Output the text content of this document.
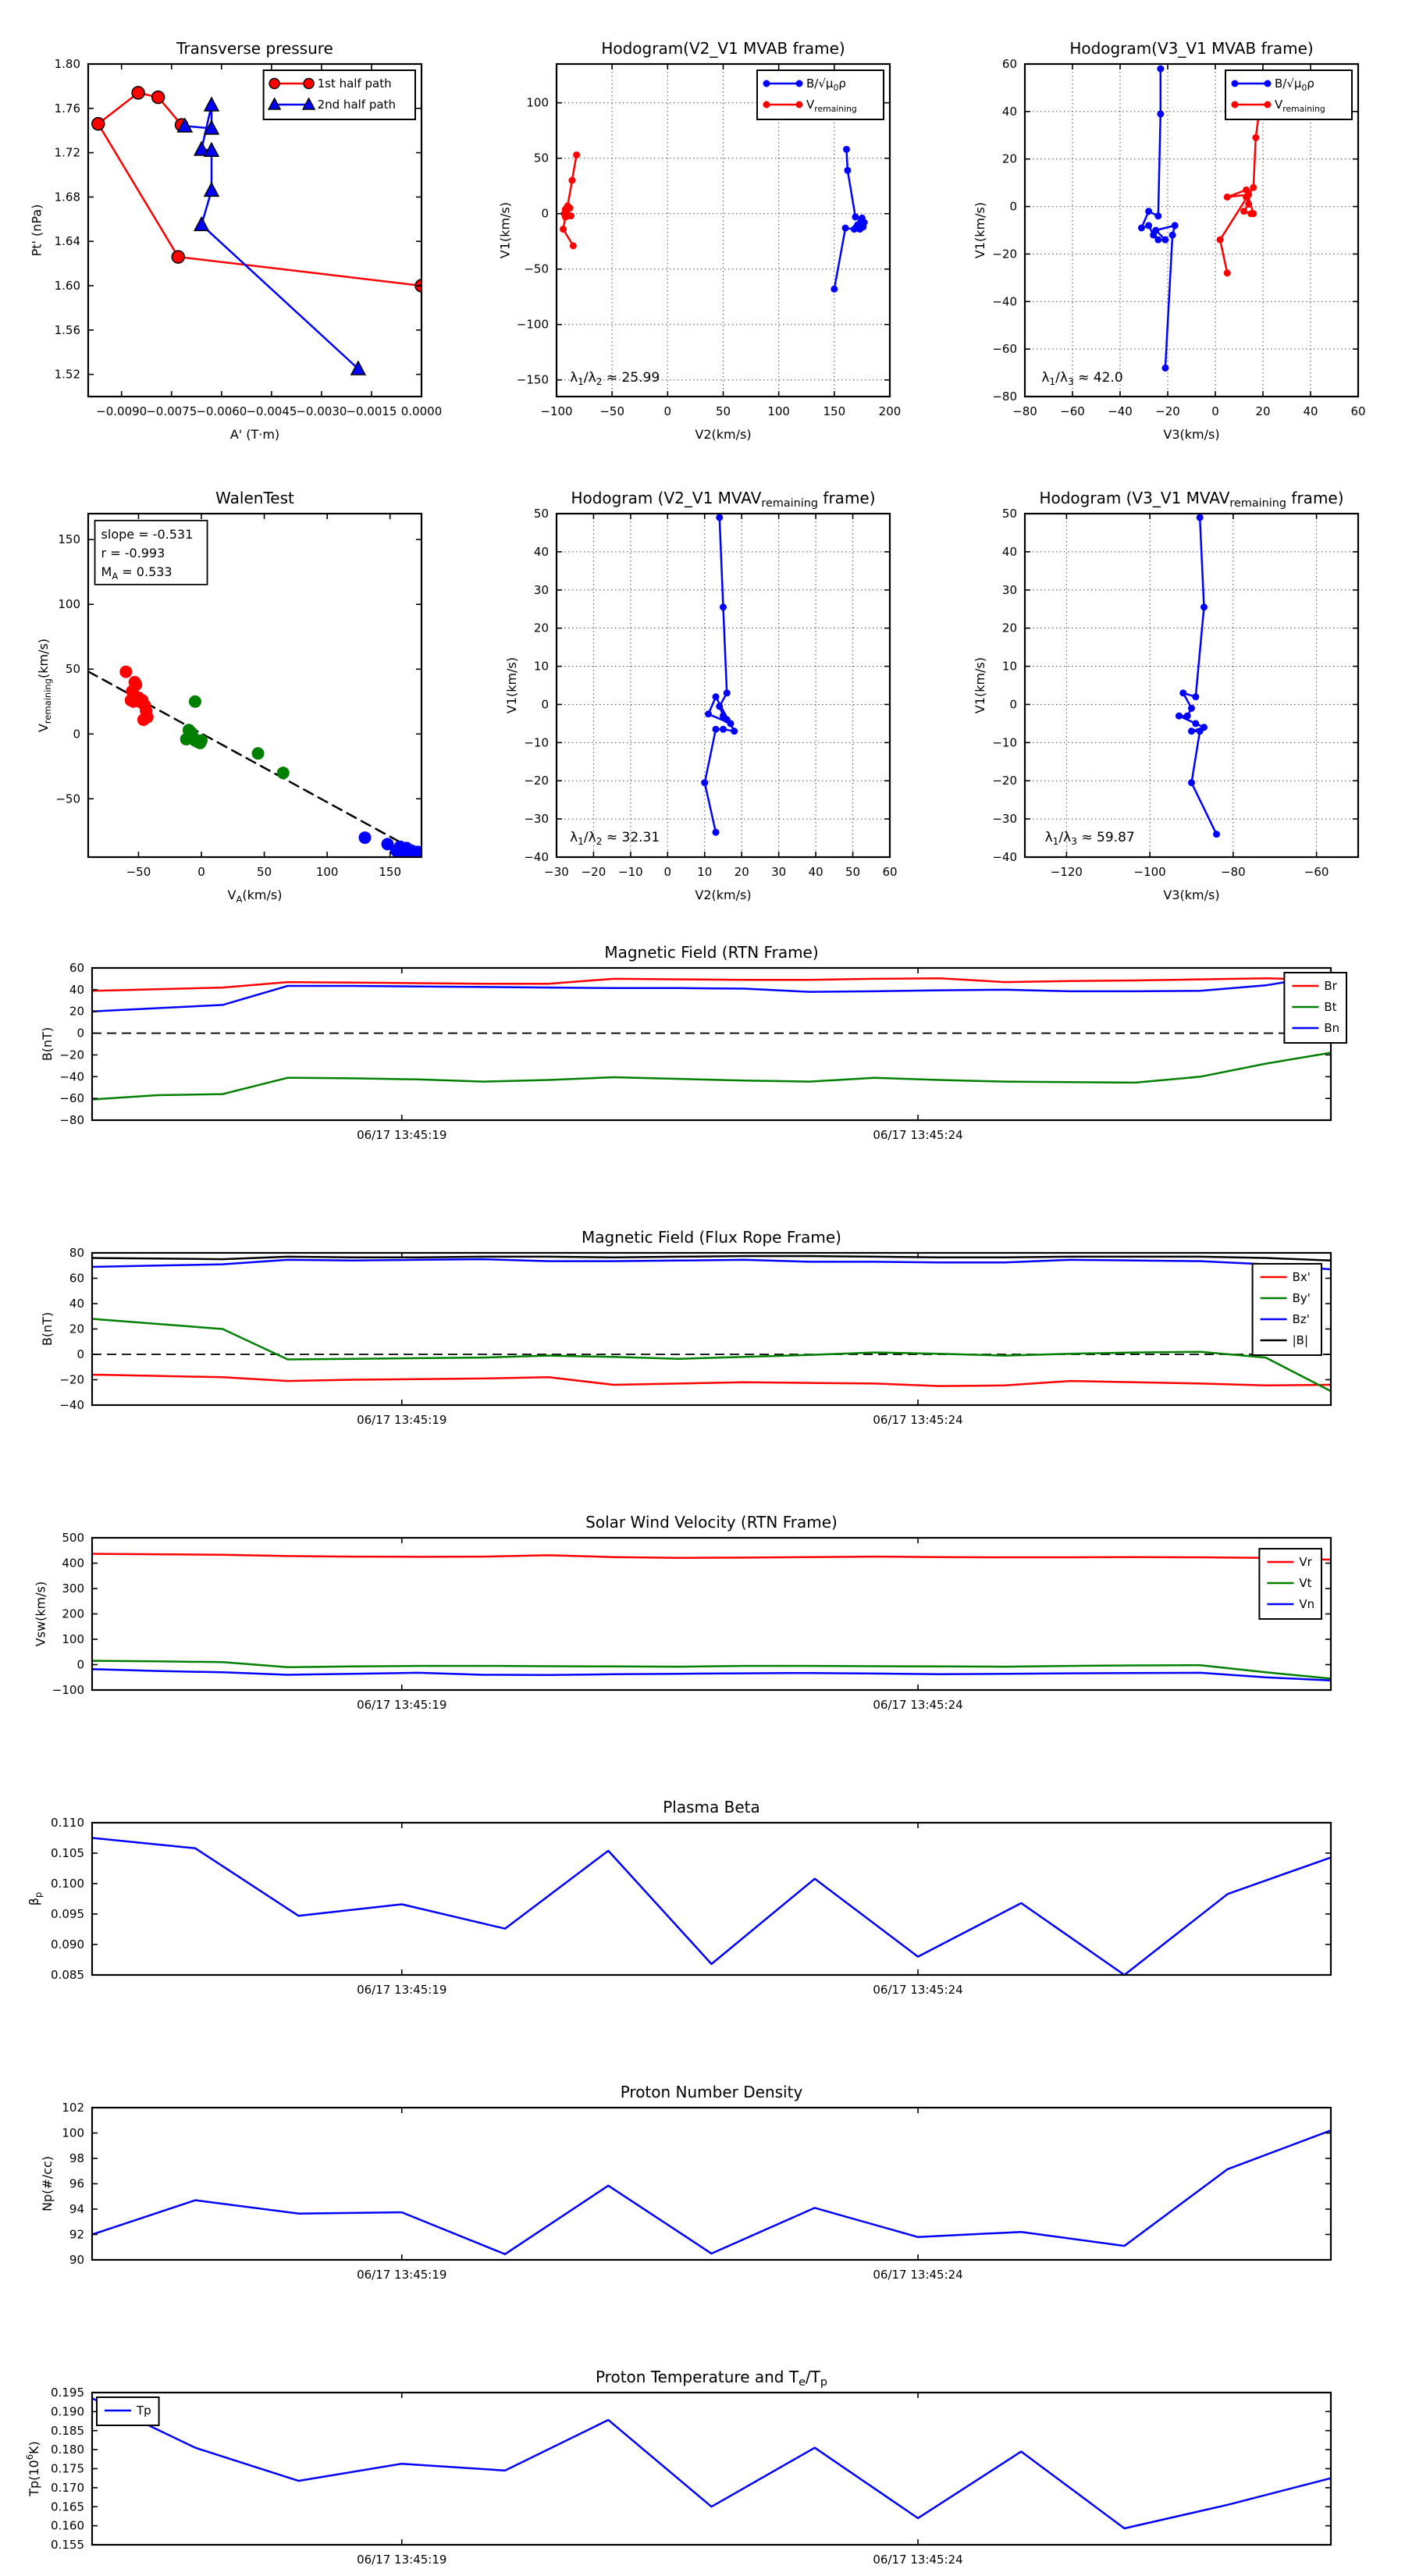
−0.0090
−0.0075
−0.0060
−0.0045
−0.0030
−0.0015 0.0000
1.52
1.56
1.60
1.64
1.68
1.72
1.76
1.80
Transverse pressure
A' (T·m)
Pt' (nPa)
1st half path
2nd half path
−100 −50	0	50	100	150	200
−150
−100
−50
0
50
100
Hodogram(V2_V1 MVAB frame)
V2(km/s)
V1(km/s)
$\lambda_1/\lambda_2 \approx 25.99$
$B/√\mu_0\rho$
$V_{remaining}$
−80 −60 −40 −20	0	20	40	60
−80
−60
−40
−20
0
20
40
60
Hodogram(V3_V1 MVAB frame)
V3(km/s)
V1(km/s)
$\lambda_1/\lambda_3 \approx 42.0$
$B/√\mu_0\rho$
$V_{remaining}$
−50	0	50	100	150
−50
0
50
100
150
WalenTest
$V_A(km/s)$
$V_{remaining}(km/s)$
slope = -0.531
r = -0.993
$M_A = 0.533$
−30 −20 −10 0 10 20 30 40 50 60
−40
−30
−20
−10
0
10
20
30
40
50
Hodogram (V2_V1 $MVAV_{remaining}$ frame)
V2(km/s)
V1(km/s)
$\lambda_1/\lambda_2 \approx 32.31$
−120	−100	−80	−60
−40
−30
−20
−10
0
10
20
30
40
50
Hodogram (V3_V1 $MVAV_{remaining}$ frame)
V3(km/s)
V1(km/s)
$\lambda_1/\lambda_3 \approx 59.87$
06/17 13:45:19	06/17 13:45:24
−80
−60
−40
−20
0
20
40
60
Magnetic Field (RTN Frame)
B(nT)
Br
Bt
Bn
06/17 13:45:19	06/17 13:45:24
−40
−20
0
20
40
60
80
Magnetic Field (Flux Rope Frame)
B(nT)
Bx'
By'
Bz'
|B|
06/17 13:45:19	06/17 13:45:24
−100
0
100
200
300
400
500
Solar Wind Velocity (RTN Frame)
Vsw(km/s)
Vr
Vt
Vn
06/17 13:45:19	06/17 13:45:24
0.085
0.090
0.095
0.100
0.105
0.110
Plasma Beta
$\beta_p$
06/17 13:45:19	06/17 13:45:24
90
92
94
96
98
100
102
Proton Number Density
Np(#/cc)
06/17 13:45:19	06/17 13:45:24
0.155
0.160
0.165
0.170
0.175
0.180
0.185
0.190
0.195
Proton Temperature and $T_e/T_p$
$Tp(10^6K)$
Tp
